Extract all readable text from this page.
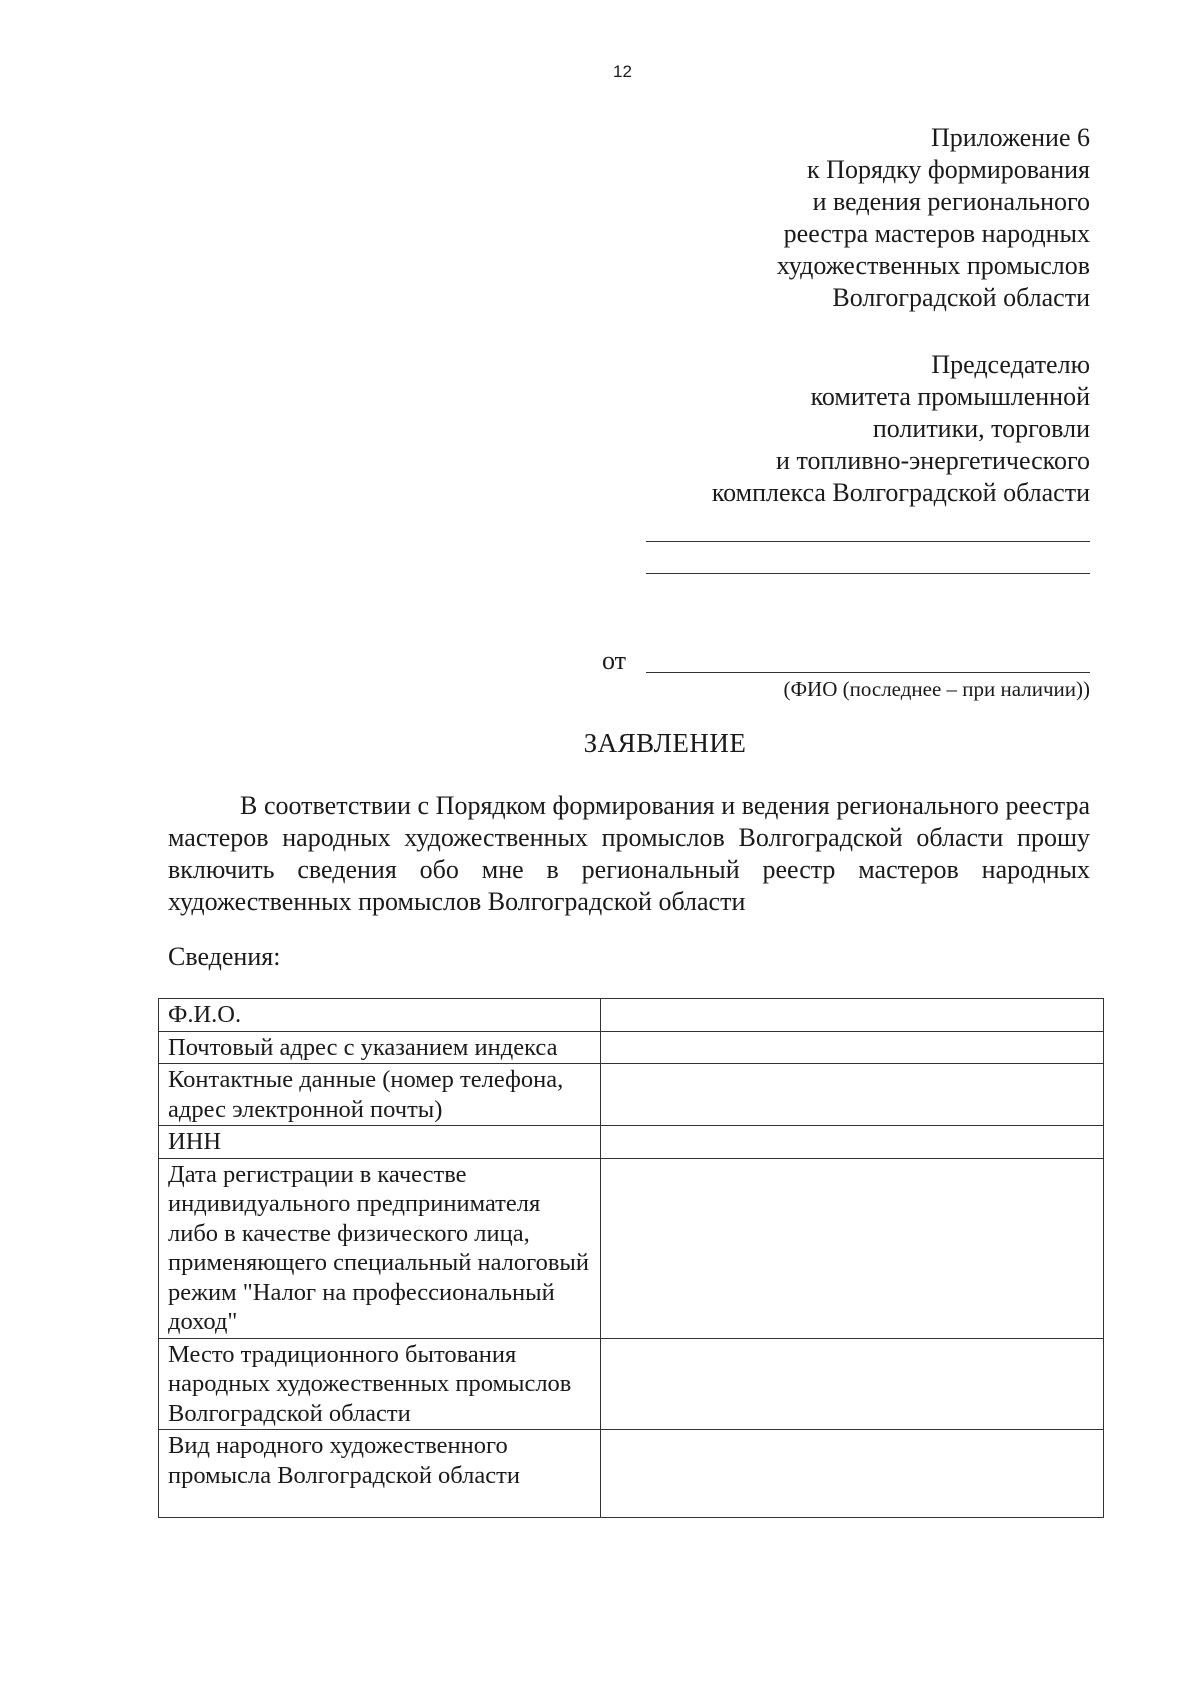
12
Приложение 6
к Порядку формирования
и ведения регионального
реестра мастеров народных
художественных промыслов
Волгоградской области
Председателю
комитета промышленной
политики, торговли
и топливно-энергетического
комплекса Волгоградской области
от
(ФИО (последнее – при наличии))
ЗАЯВЛЕНИЕ
В соответствии с Порядком формирования и ведения регионального реестра мастеров народных художественных промыслов Волгоградской области прошу включить сведения обо мне в региональный реестр мастеров народных художественных промыслов Волгоградской области
Сведения:
Ф.И.О.	
Почтовый адрес с указанием индекса	
Контактные данные (номер телефона, адрес электронной почты)	
ИНН	
Дата регистрации в качестве индивидуального предпринимателя либо в качестве физического лица, применяющего специальный налоговый режим "Налог на профессиональный доход"	
Место традиционного бытования народных художественных промыслов Волгоградской области	
Вид народного художественного промысла Волгоградской области	
